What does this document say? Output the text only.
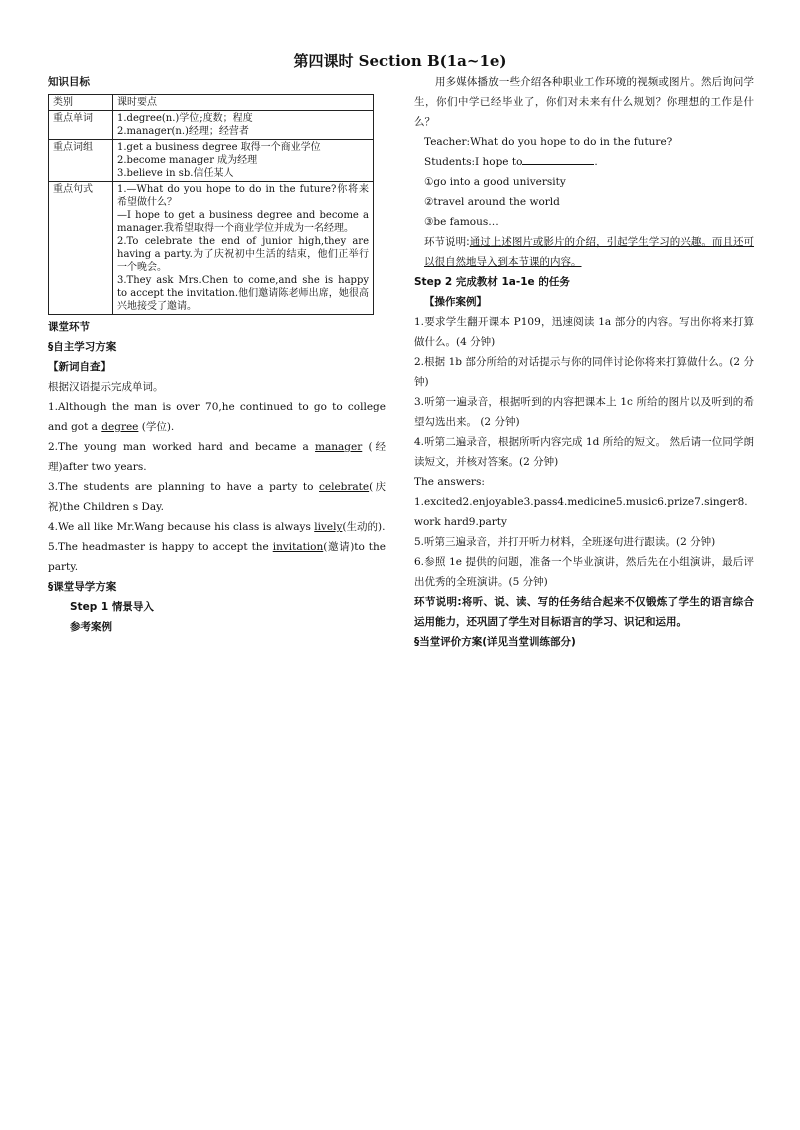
第四课时 Section B(1a~1e)
知识目标
类别	课时要点
重点单词	1.degree(n.)学位;度数；程度
2.manager(n.)经理；经营者

重点词组	1.get a business degree 取得一个商业学位
2.become manager 成为经理
3.believe in sb.信任某人

重点句式	1.—What do you hope to do in the future?你将来希望做什么？
—I hope to get a business degree and become a manager.我希望取得一个商业学位并成为一名经理。
2.To celebrate the end of junior high,they are having a party.为了庆祝初中生活的结束，他们正举行一个晚会。
3.They ask Mrs.Chen to come,and she is happy to accept the invitation.他们邀请陈老师出席，她很高兴地接受了邀请。
课堂环节
§自主学习方案
【新词自查】

根据汉语提示完成单词。

1.Although the man is over 70,he continued to go to college and got a degree (学位).

2.The young man worked hard and became a manager (经理)after two years.

3.The students are planning to have a party to celebrate(庆祝)the Children s Day.

4.We all like Mr.Wang because his class is always lively(生动的).

5.The headmaster is happy to accept the invitation(邀请)to the party.

§课堂导学方案
Step 1 情景导入
参考案例

用多媒体播放一些介绍各种职业工作环境的视频或图片。然后询问学生，你们中学已经毕业了，你们对未来有什么规划？你理想的工作是什么？

Teacher:What do you hope to do in the future?
Students:I hope to	.
①go into a good university
②travel around the world
③be famous…

环节说明:通过上述图片或影片的介绍，引起学生学习的兴趣。而且还可以很自然地导入到本节课的内容。

Step 2 完成教材 1a-1e 的任务
【操作案例】

1.要求学生翻开课本 P109，迅速阅读 1a 部分的内容。写出你将来打算做什么。(4 分钟)

2.根据 1b 部分所给的对话提示与你的同伴讨论你将来打算做什么。(2 分钟)

3.听第一遍录音，根据听到的内容把课本上 1c 所给的图片以及听到的希望勾选出来。 (2 分钟)

4.听第二遍录音，根据所听内容完成 1d 所给的短文。 然后请一位同学朗读短文，并核对答案。(2 分钟)

The answers:

1.excited2.enjoyable3.pass4.medicine5.music6.prize7.singer8.work hard9.party

5.听第三遍录音，并打开听力材料，全班逐句进行跟读。(2 分钟)

6.参照 1e 提供的问题，准备一个毕业演讲，然后先在小组演讲，最后评出优秀的全班演讲。(5 分钟)

环节说明:将听、说、读、写的任务结合起来不仅锻炼了学生的语言综合运用能力，还巩固了学生对目标语言的学习、识记和运用。

§当堂评价方案(详见当堂训练部分)
